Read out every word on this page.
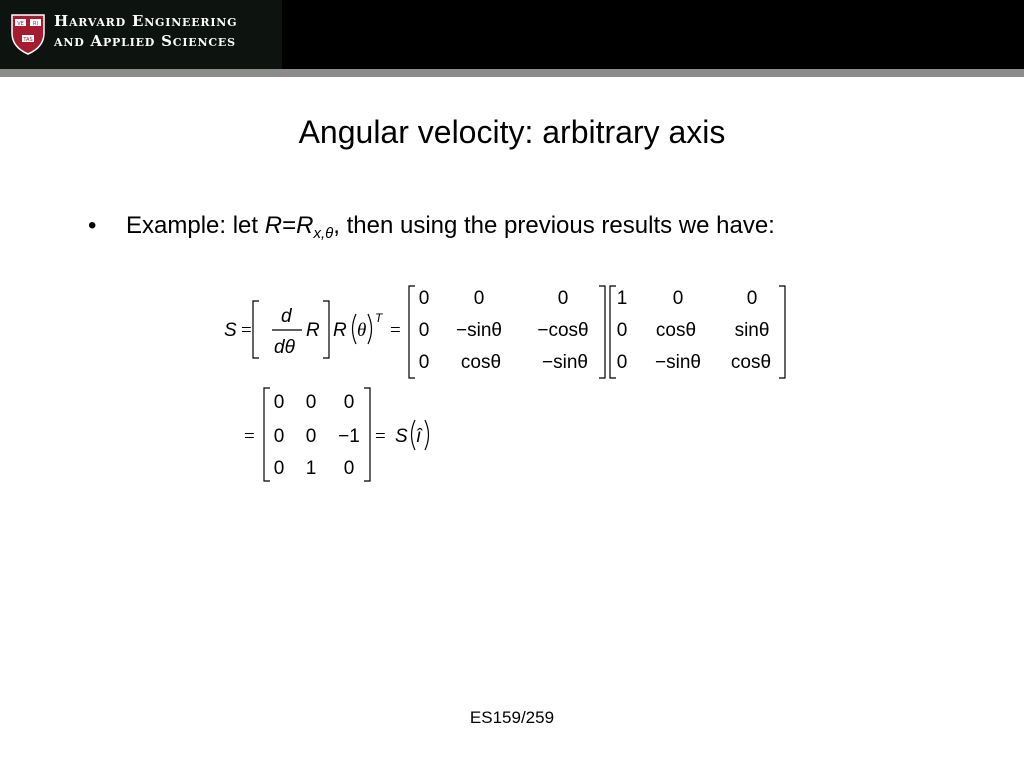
VE RI
TAS
Harvard Engineering
and Applied Sciences
Angular velocity: arbitrary axis
• Example: let $R=R_{x,\theta}$, then using the previous results we have:
S =
d
dθ
R R θ
T
=
0 0	0
0 −sinθ −cosθ
0 cosθ −sinθ
1 0	0
0 cosθ sinθ
0 −sinθ cosθ
=
0 0 0
0 0 −1
0 1 0
= S î
ES159/259
